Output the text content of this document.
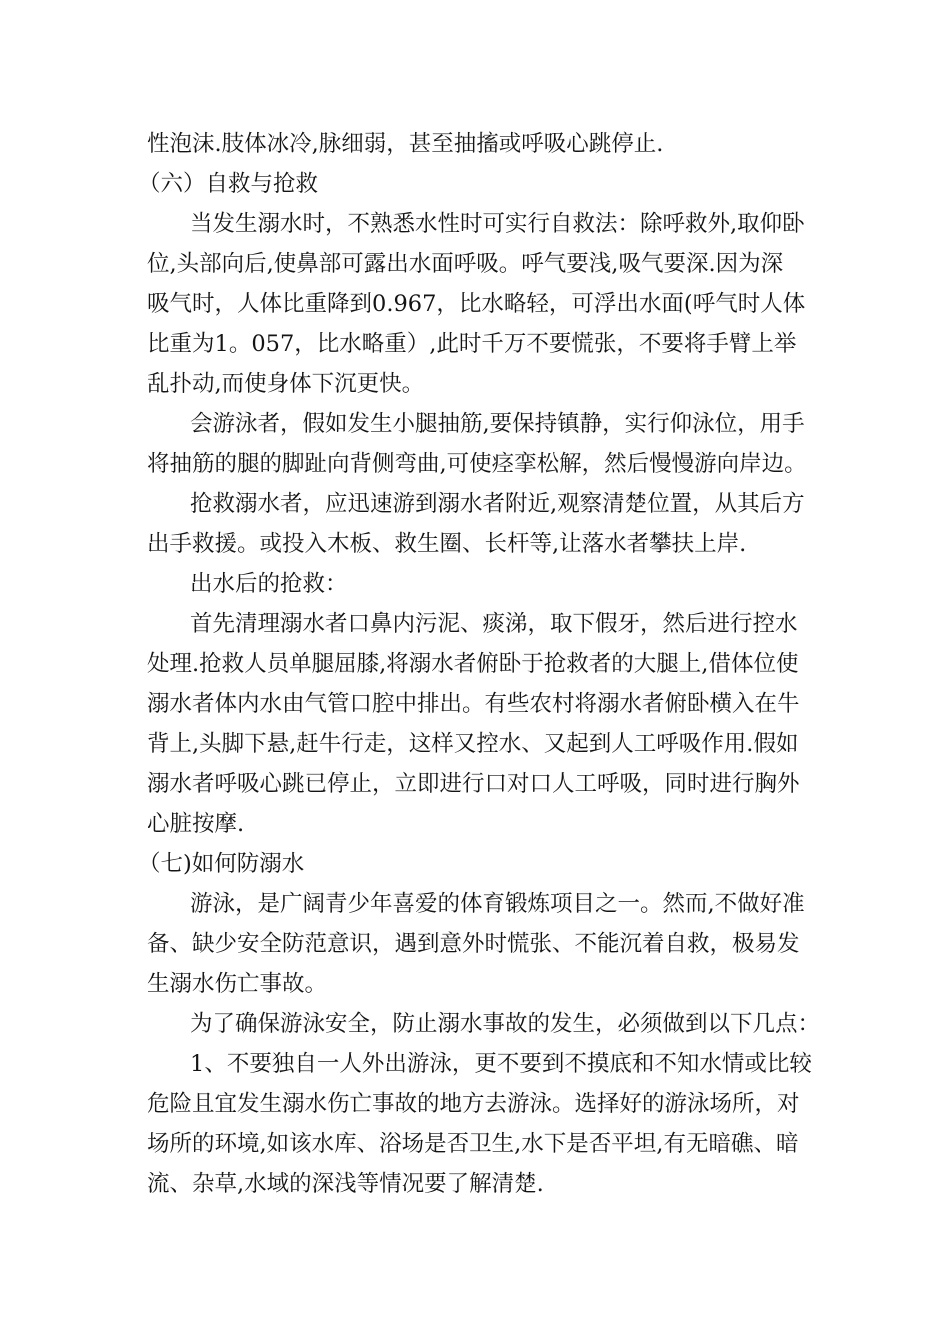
性泡沫.肢体冰冷,脉细弱，甚至抽搐或呼吸心跳停止.
（六）自救与抢救
当发生溺水时，不熟悉水性时可实行自救法：除呼救外,取仰卧
位,头部向后,使鼻部可露出水面呼吸。呼气要浅,吸气要深.因为深
吸气时，人体比重降到0.967，比水略轻，可浮出水面(呼气时人体
比重为1。057，比水略重）,此时千万不要慌张，不要将手臂上举
乱扑动,而使身体下沉更快。
会游泳者，假如发生小腿抽筋,要保持镇静，实行仰泳位，用手
将抽筋的腿的脚趾向背侧弯曲,可使痉挛松解，然后慢慢游向岸边。
抢救溺水者，应迅速游到溺水者附近,观察清楚位置，从其后方
出手救援。或投入木板、救生圈、长杆等,让落水者攀扶上岸.
出水后的抢救：
首先清理溺水者口鼻内污泥、痰涕，取下假牙，然后进行控水
处理.抢救人员单腿屈膝,将溺水者俯卧于抢救者的大腿上,借体位使
溺水者体内水由气管口腔中排出。有些农村将溺水者俯卧横入在牛
背上,头脚下悬,赶牛行走，这样又控水、又起到人工呼吸作用.假如
溺水者呼吸心跳已停止，立即进行口对口人工呼吸，同时进行胸外
心脏按摩.
（七)如何防溺水
游泳，是广阔青少年喜爱的体育锻炼项目之一。然而,不做好准
备、缺少安全防范意识，遇到意外时慌张、不能沉着自救，极易发
生溺水伤亡事故。
为了确保游泳安全，防止溺水事故的发生，必须做到以下几点：
1、不要独自一人外出游泳，更不要到不摸底和不知水情或比较
危险且宜发生溺水伤亡事故的地方去游泳。选择好的游泳场所，对
场所的环境,如该水库、浴场是否卫生,水下是否平坦,有无暗礁、暗
流、杂草,水域的深浅等情况要了解清楚.
